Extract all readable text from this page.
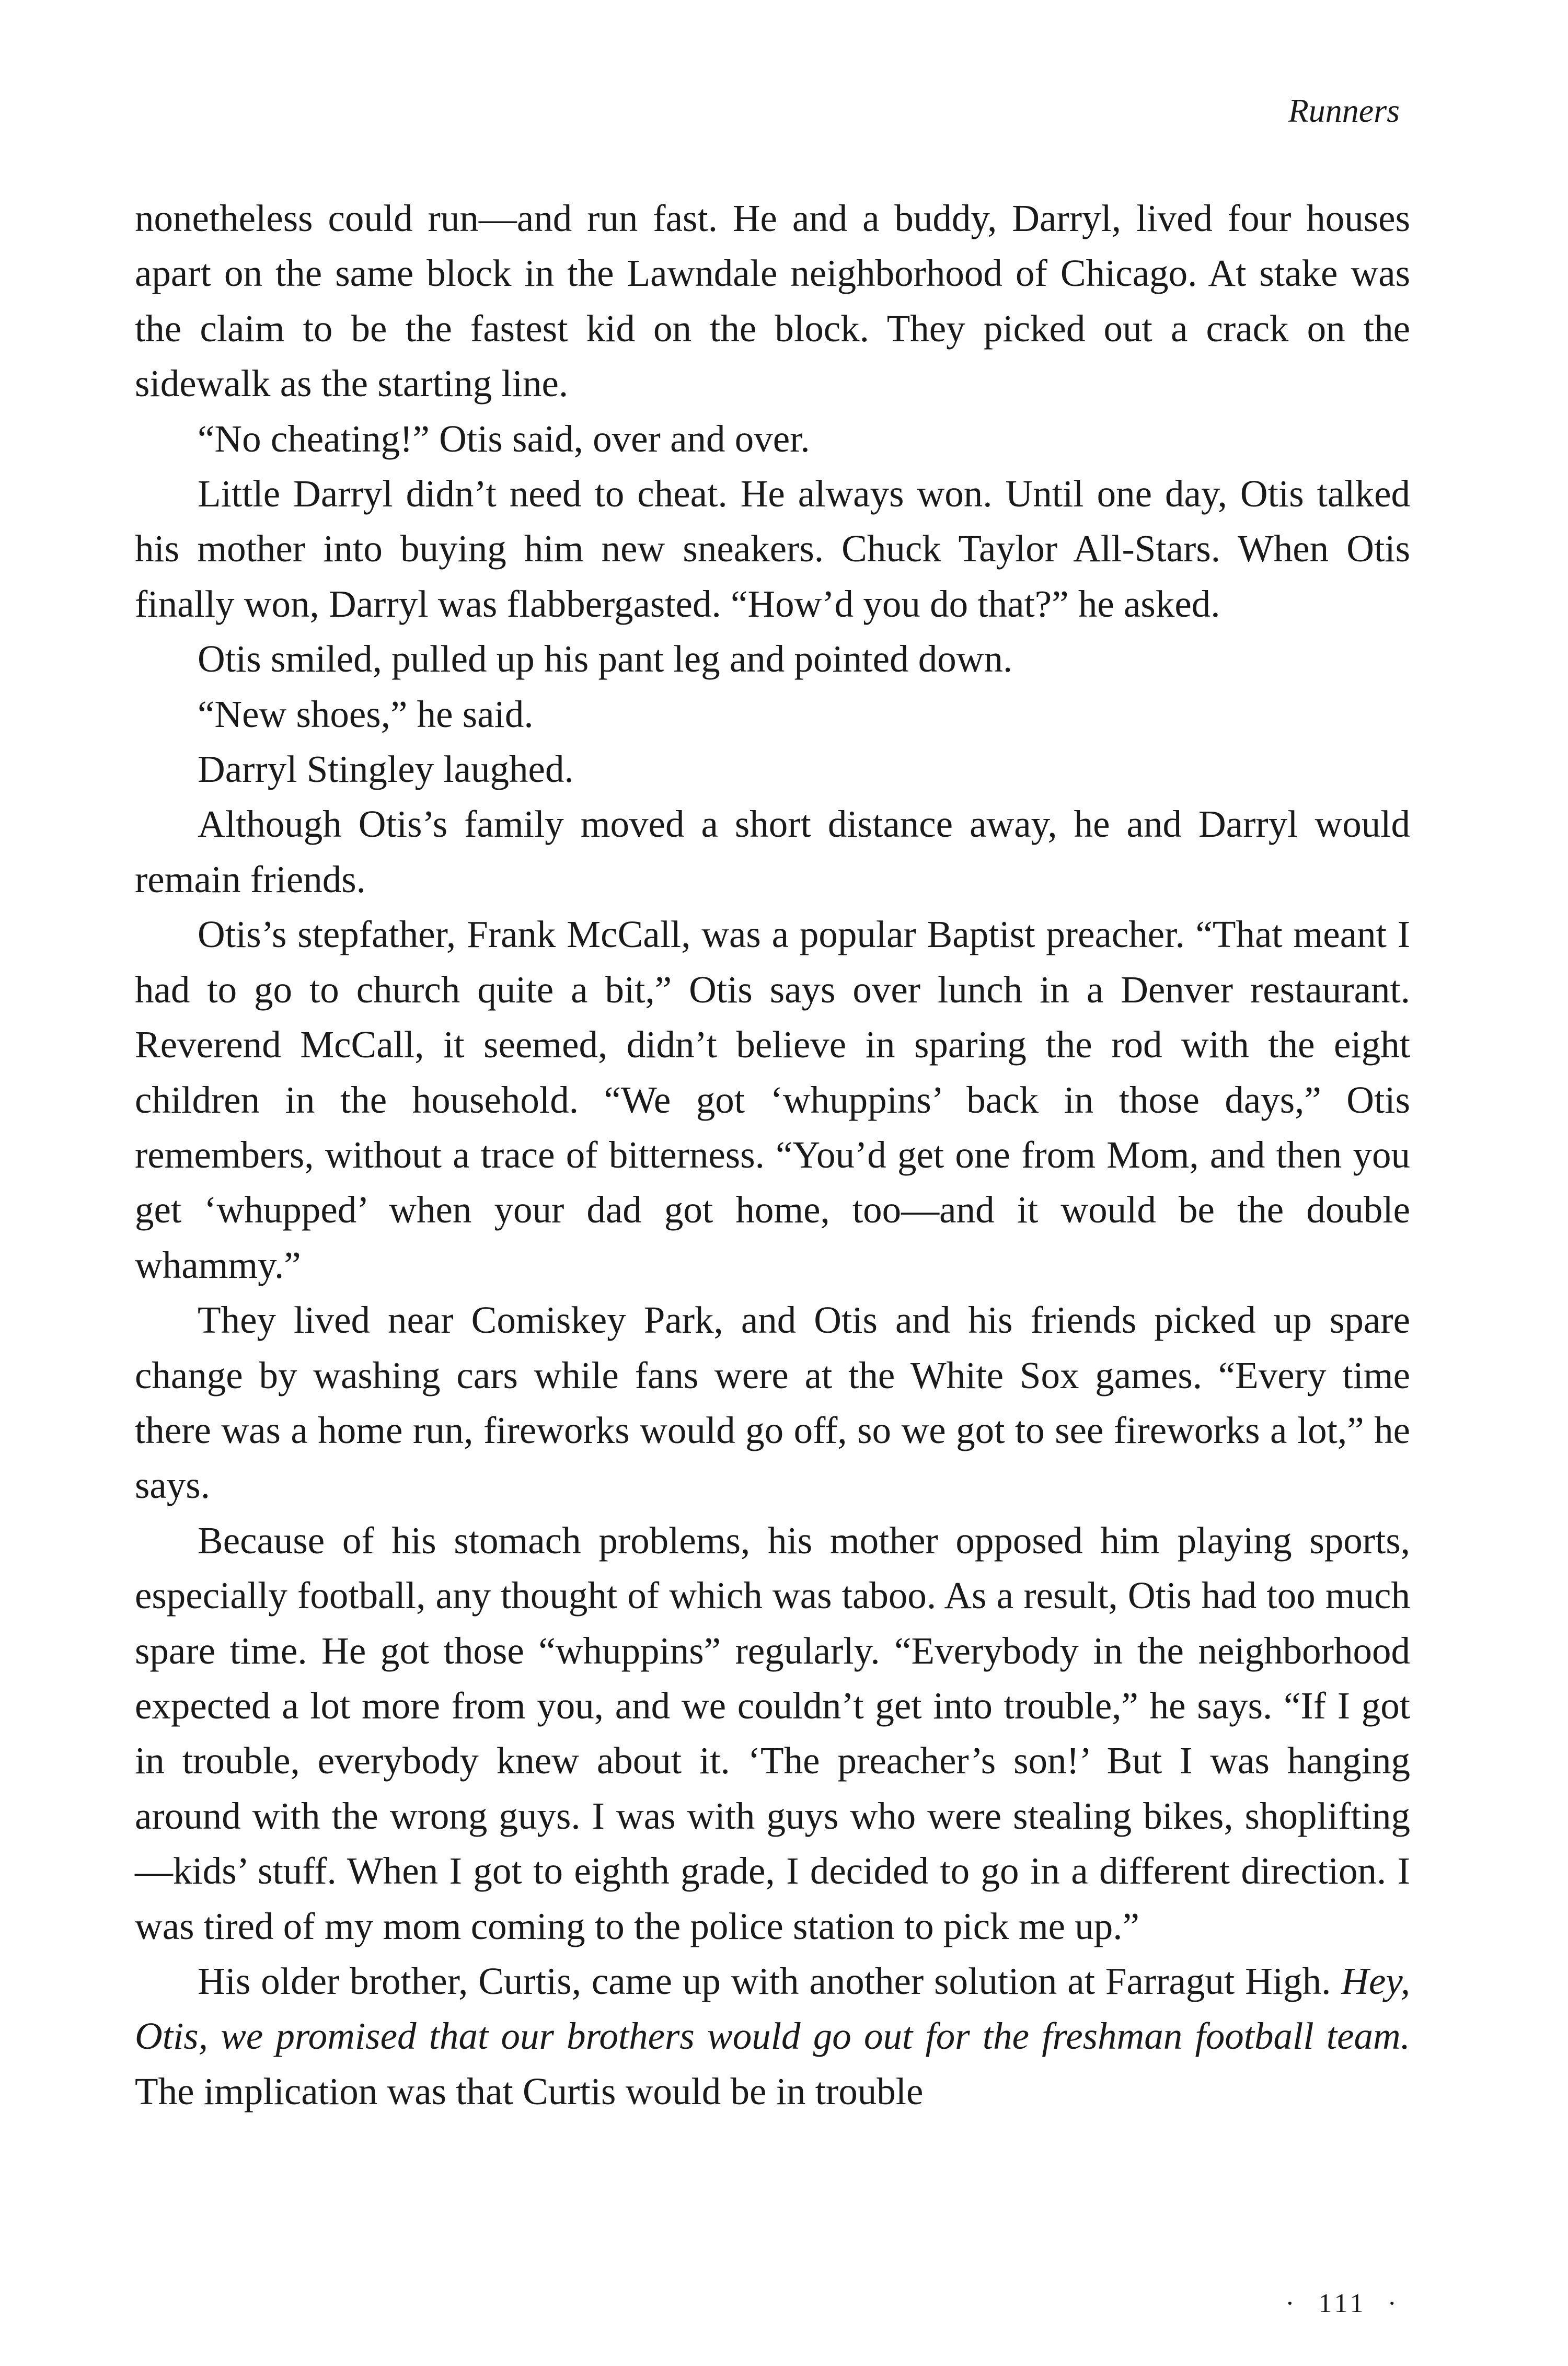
Runners

nonetheless could run—and run fast. He and a buddy, Darryl, lived four houses apart on the same block in the Lawndale neighborhood of Chicago. At stake was the claim to be the fastest kid on the block. They picked out a crack on the sidewalk as the starting line.

“No cheating!” Otis said, over and over.

Little Darryl didn’t need to cheat. He always won. Until one day, Otis talked his mother into buying him new sneakers. Chuck Taylor All-Stars. When Otis finally won, Darryl was flabbergasted. “How’d you do that?” he asked.

Otis smiled, pulled up his pant leg and pointed down.

“New shoes,” he said.

Darryl Stingley laughed.

Although Otis’s family moved a short distance away, he and Darryl would remain friends.

Otis’s stepfather, Frank McCall, was a popular Baptist preacher. “That meant I had to go to church quite a bit,” Otis says over lunch in a Denver restaurant. Reverend McCall, it seemed, didn’t believe in sparing the rod with the eight children in the household. “We got ‘whuppins’ back in those days,” Otis remembers, without a trace of bitterness. “You’d get one from Mom, and then you get ‘whupped’ when your dad got home, too—and it would be the double whammy.”

They lived near Comiskey Park, and Otis and his friends picked up spare change by washing cars while fans were at the White Sox games. “Every time there was a home run, fireworks would go off, so we got to see fireworks a lot,” he says.

Because of his stomach problems, his mother opposed him playing sports, especially football, any thought of which was taboo. As a result, Otis had too much spare time. He got those “whuppins” regularly. “Everybody in the neighborhood expected a lot more from you, and we couldn’t get into trouble,” he says. “If I got in trouble, everybody knew about it. ‘The preacher’s son!’ But I was hanging around with the wrong guys. I was with guys who were stealing bikes, shoplifting—kids’ stuff. When I got to eighth grade, I decided to go in a different direction. I was tired of my mom coming to the police station to pick me up.”

His older brother, Curtis, came up with another solution at Farragut High. Hey, Otis, we promised that our brothers would go out for the freshman football team. The implication was that Curtis would be in trouble

· 111 ·
